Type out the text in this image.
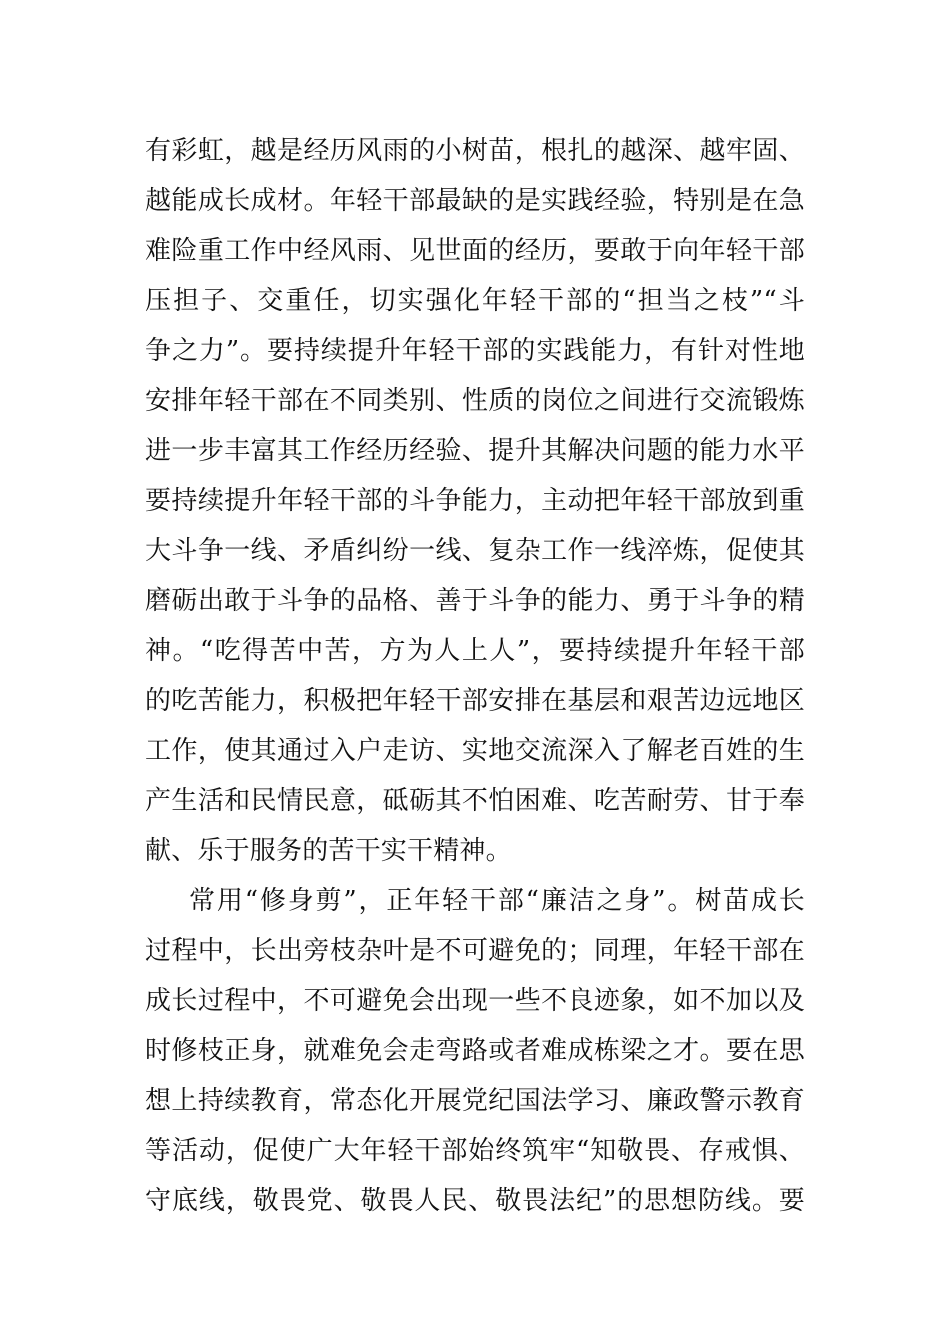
有彩虹，越是经历风雨的小树苗，根扎的越深、越牢固、
越能成长成材。年轻干部最缺的是实践经验，特别是在急
难险重工作中经风雨、见世面的经历，要敢于向年轻干部
压担子、交重任，切实强化年轻干部的“担当之枝”“斗
争之力”。要持续提升年轻干部的实践能力，有针对性地
安排年轻干部在不同类别、性质的岗位之间进行交流锻炼
进一步丰富其工作经历经验、提升其解决问题的能力水平
要持续提升年轻干部的斗争能力，主动把年轻干部放到重
大斗争一线、矛盾纠纷一线、复杂工作一线淬炼，促使其
磨砺出敢于斗争的品格、善于斗争的能力、勇于斗争的精
神。“吃得苦中苦，方为人上人”，要持续提升年轻干部
的吃苦能力，积极把年轻干部安排在基层和艰苦边远地区
工作，使其通过入户走访、实地交流深入了解老百姓的生
产生活和民情民意，砥砺其不怕困难、吃苦耐劳、甘于奉
献、乐于服务的苦干实干精神。
常用“修身剪”，正年轻干部“廉洁之身”。树苗成长
过程中，长出旁枝杂叶是不可避免的；同理，年轻干部在
成长过程中，不可避免会出现一些不良迹象，如不加以及
时修枝正身，就难免会走弯路或者难成栋梁之才。要在思
想上持续教育，常态化开展党纪国法学习、廉政警示教育
等活动，促使广大年轻干部始终筑牢“知敬畏、存戒惧、
守底线，敬畏党、敬畏人民、敬畏法纪”的思想防线。要
